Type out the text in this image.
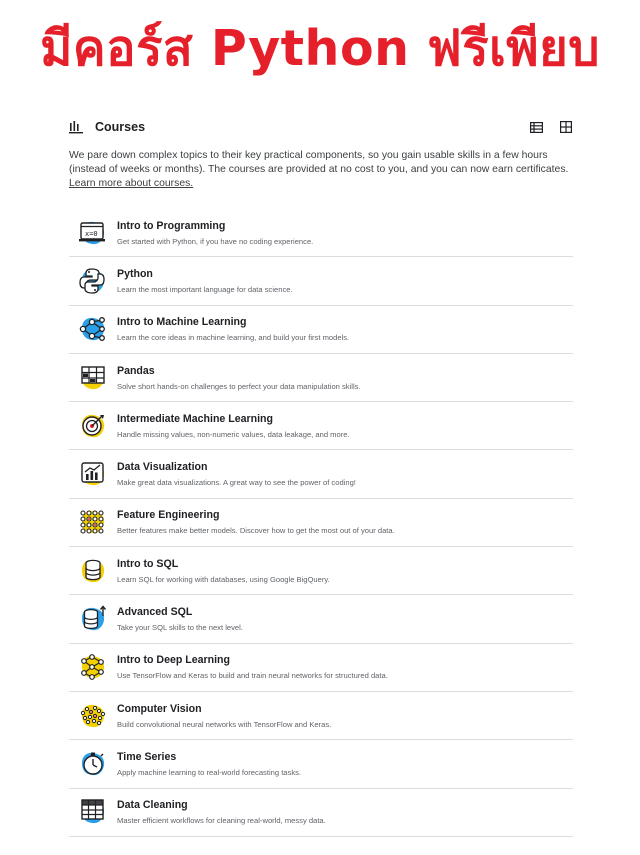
มีคอร์ส Python ฟรีเพียบ
Courses
We pare down complex topics to their key practical components, so you gain usable skills in a few hours (instead of weeks or months). The courses are provided at no cost to you, and you can now earn certificates. Learn more about courses.
x=0
Intro to Programming
Get started with Python, if you have no coding experience.
Python
Learn the most important language for data science.
Intro to Machine Learning
Learn the core ideas in machine learning, and build your first models.
Pandas
Solve short hands-on challenges to perfect your data manipulation skills.
Intermediate Machine Learning
Handle missing values, non-numeric values, data leakage, and more.
Data Visualization
Make great data visualizations. A great way to see the power of coding!
Feature Engineering
Better features make better models. Discover how to get the most out of your data.
Intro to SQL
Learn SQL for working with databases, using Google BigQuery.
Advanced SQL
Take your SQL skills to the next level.
Intro to Deep Learning
Use TensorFlow and Keras to build and train neural networks for structured data.
Computer Vision
Build convolutional neural networks with TensorFlow and Keras.
Time Series
Apply machine learning to real-world forecasting tasks.
Data Cleaning
Master efficient workflows for cleaning real-world, messy data.
